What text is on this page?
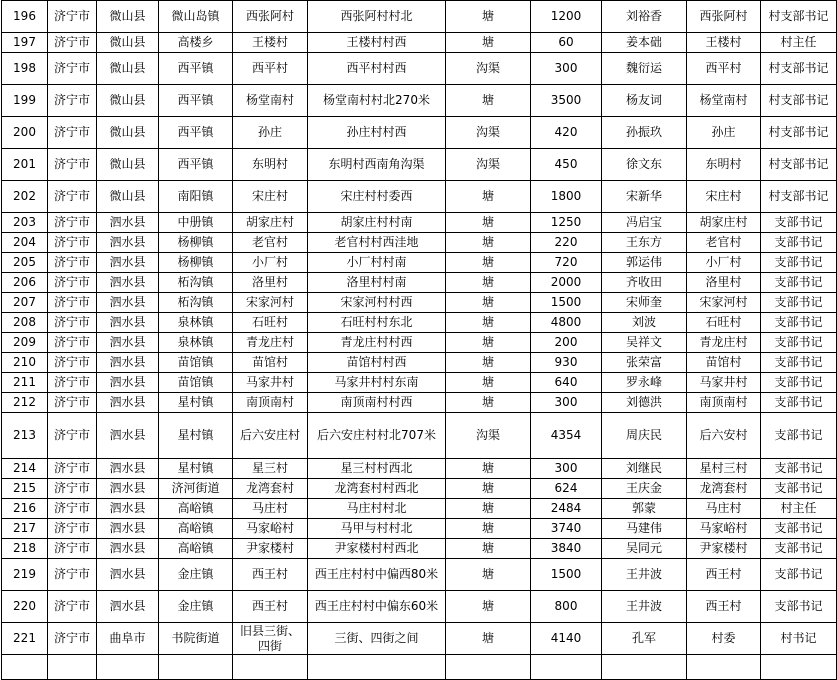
196	济宁市	微山县	微山岛镇	西张阿村	西张阿村村北	塘	1200	刘裕香	西张阿村	村支部书记
197	济宁市	微山县	高楼乡	王楼村	王楼村村西	塘	60	姜本础	王楼村	村主任
198	济宁市	微山县	西平镇	西平村	西平村村西	沟渠	300	魏衍运	西平村	村支部书记
199	济宁市	微山县	西平镇	杨堂南村	杨堂南村村北270米	塘	3500	杨友词	杨堂南村	村支部书记
200	济宁市	微山县	西平镇	孙庄	孙庄村村西	沟渠	420	孙振玖	孙庄	村支部书记
201	济宁市	微山县	西平镇	东明村	东明村西南角沟渠	沟渠	450	徐文东	东明村	村支部书记
202	济宁市	微山县	南阳镇	宋庄村	宋庄村村委西	塘	1800	宋新华	宋庄村	村支部书记
203	济宁市	泗水县	中册镇	胡家庄村	胡家庄村村南	塘	1250	冯启宝	胡家庄村	支部书记
204	济宁市	泗水县	杨柳镇	老官村	老官村村西洼地	塘	220	王东方	老官村	支部书记
205	济宁市	泗水县	杨柳镇	小厂村	小厂村村南	塘	720	郭运伟	小厂村	支部书记
206	济宁市	泗水县	柘沟镇	洛里村	洛里村村南	塘	2000	齐收田	洛里村	支部书记
207	济宁市	泗水县	柘沟镇	宋家河村	宋家河村村西	塘	1500	宋师奎	宋家河村	支部书记
208	济宁市	泗水县	泉林镇	石旺村	石旺村村东北	塘	4800	刘波	石旺村	支部书记
209	济宁市	泗水县	泉林镇	青龙庄村	青龙庄村村西	塘	200	吴祥文	青龙庄村	支部书记
210	济宁市	泗水县	苗馆镇	苗馆村	苗馆村村西	塘	930	张荣富	苗馆村	支部书记
211	济宁市	泗水县	苗馆镇	马家井村	马家井村村东南	塘	640	罗永峰	马家井村	支部书记
212	济宁市	泗水县	星村镇	南顶南村	南顶南村村西	塘	300	刘德洪	南顶南村	支部书记
213	济宁市	泗水县	星村镇	后六安庄村	后六安庄村村北707米	沟渠	4354	周庆民	后六安村	支部书记
214	济宁市	泗水县	星村镇	星三村	星三村村西北	塘	300	刘继民	星村三村	支部书记
215	济宁市	泗水县	济河街道	龙湾套村	龙湾套村村西北	塘	624	王庆金	龙湾套村	支部书记
216	济宁市	泗水县	高峪镇	马庄村	马庄村村北	塘	2484	郭蒙	马庄村	村主任
217	济宁市	泗水县	高峪镇	马家峪村	马甲与村村北	塘	3740	马建伟	马家峪村	支部书记
218	济宁市	泗水县	高峪镇	尹家楼村	尹家楼村村西北	塘	3840	吴同元	尹家楼村	支部书记
219	济宁市	泗水县	金庄镇	西王村	西王庄村村中偏西80米	塘	1500	王井波	西王村	支部书记
220	济宁市	泗水县	金庄镇	西王村	西王庄村村中偏东60米	塘	800	王井波	西王村	支部书记
221	济宁市	曲阜市	书院街道	旧县三街、四街	三街、四街之间	塘	4140	孔军	村委	村书记
